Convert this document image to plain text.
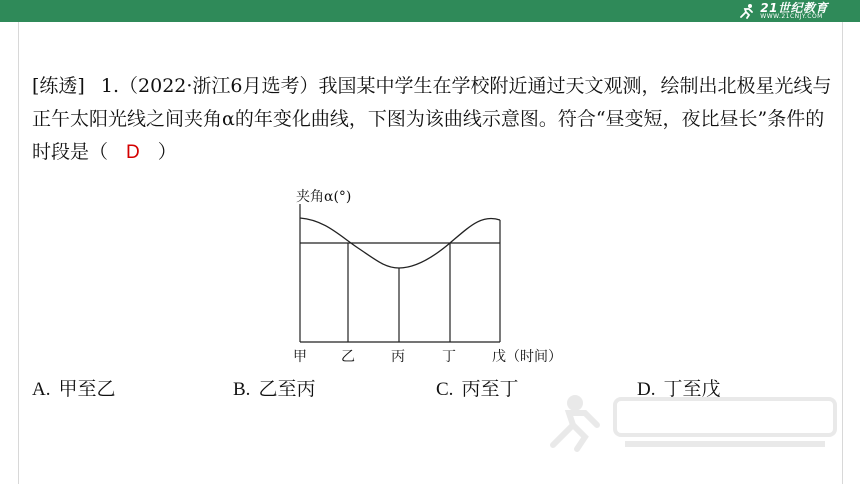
21世纪教育
WWW.21CNJY.COM
[练透] 1.（2022·浙江6月选考）我国某中学生在学校附近通过天文观测，绘制出北极星光线与正午太阳光线之间夹角α的年变化曲线，下图为该曲线示意图。符合“昼变短，夜比昼长”条件的时段是（ D ）
夹角α(°)
甲 乙	丙	丁	戊 （时间）
A. 甲至乙	B. 乙至丙	C. 丙至丁	D. 丁至戊
